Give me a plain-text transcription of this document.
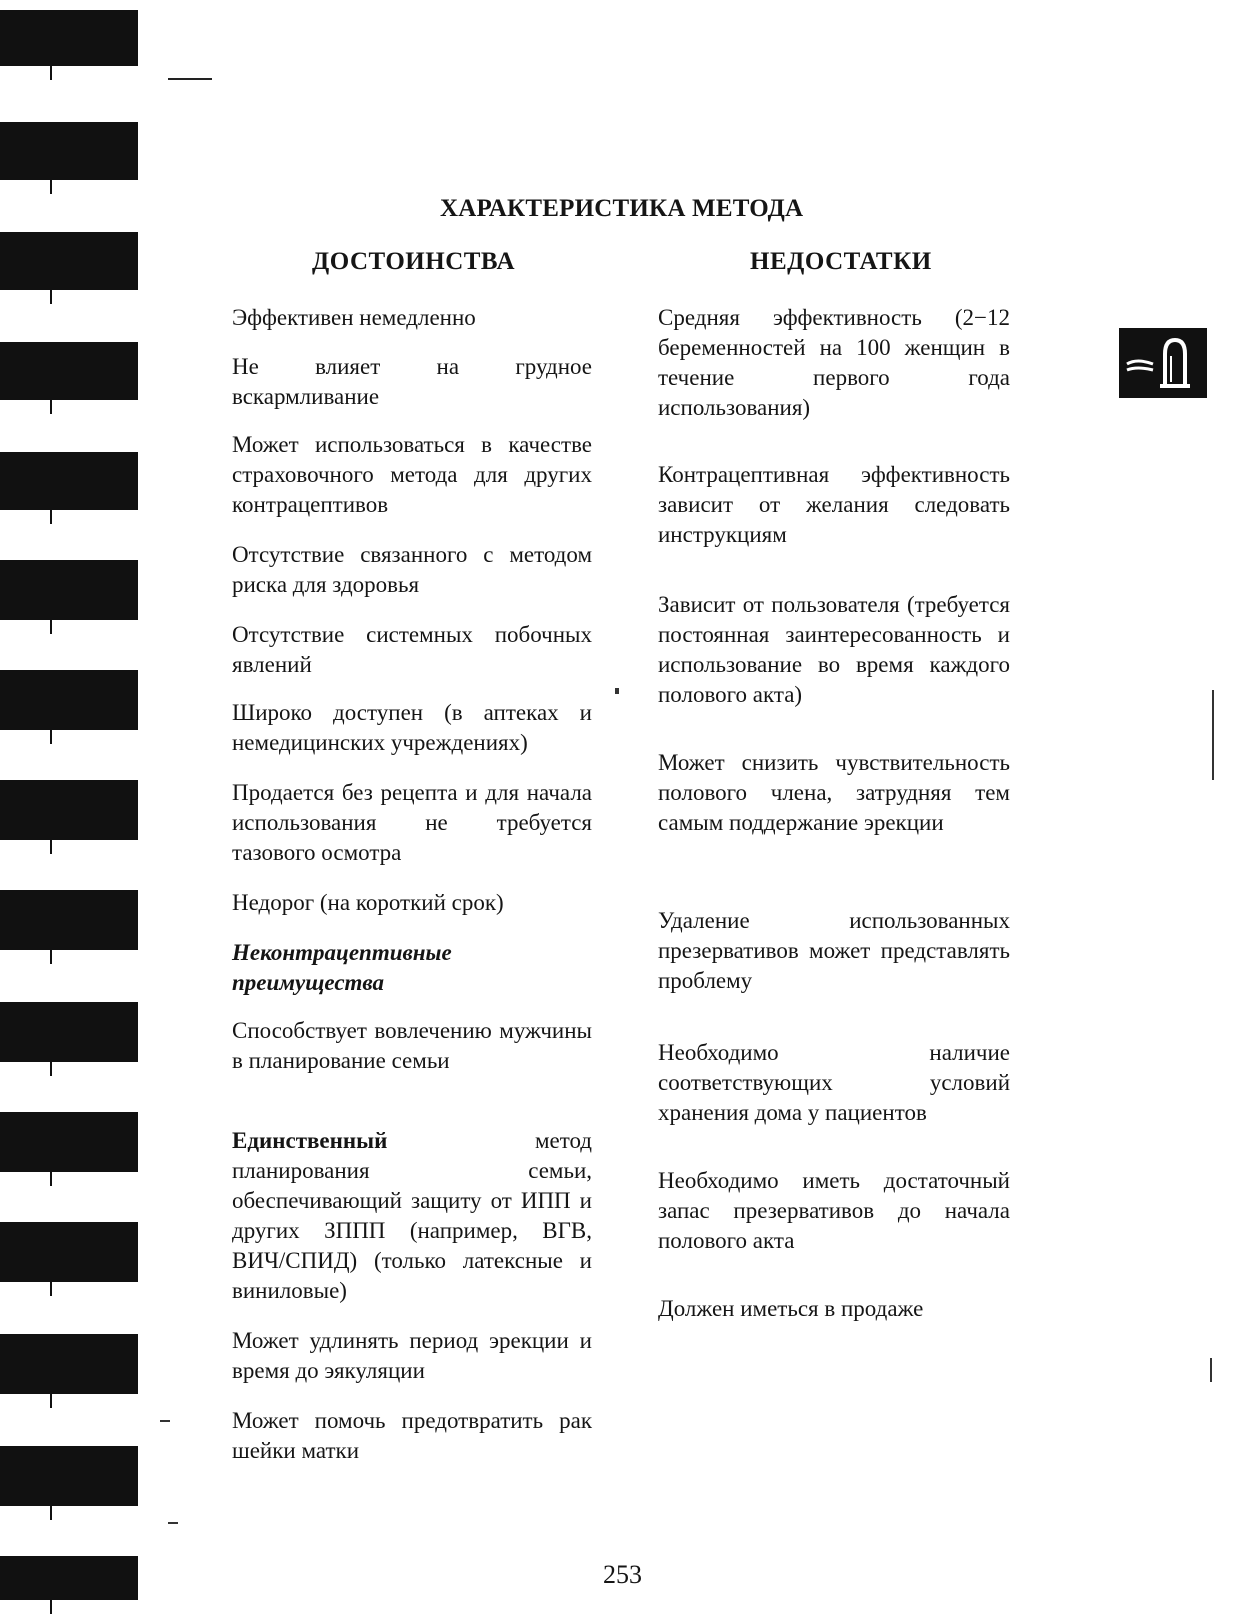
ХАРАКТЕРИСТИКА МЕТОДА
ДОСТОИНСТВА	НЕДОСТАТКИ
Эффективен немедленно
Не влияет на грудное вскармливание
Может использоваться в качестве страховочного метода для других контрацептивов
Отсутствие связанного с методом риска для здоровья
Отсутствие системных побочных явлений
Широко доступен (в аптеках и немедицинских учреждениях)
Продается без рецепта и для начала использования не требуется тазового осмотра
Недорог (на короткий срок)
Неконтрацептивные преимущества
Способствует вовлечению мужчины в планирование семьи
Единственный	метод планирования семьи, обеспечивающий защиту от ИПП и других ЗППП (например, ВГВ, ВИЧ/СПИД) (только латексные и виниловые)
Может удлинять период эрекции и время до эякуляции
Может помочь предотвратить рак шейки матки
Средняя эффективность (2−12 беременностей на 100 женщин в течение первого года использования)
Контрацептивная эффективность зависит от желания следовать инструкциям
Зависит от пользователя (требуется постоянная заинтересованность и использование во время каждого полового акта)
Может снизить чувствительность полового члена, затрудняя тем самым поддержание эрекции
Удаление использованных презервативов может представлять проблему
Необходимо наличие соответствующих условий хранения дома у пациентов
Необходимо иметь достаточный запас презервативов до начала полового акта
Должен иметься в продаже
253
